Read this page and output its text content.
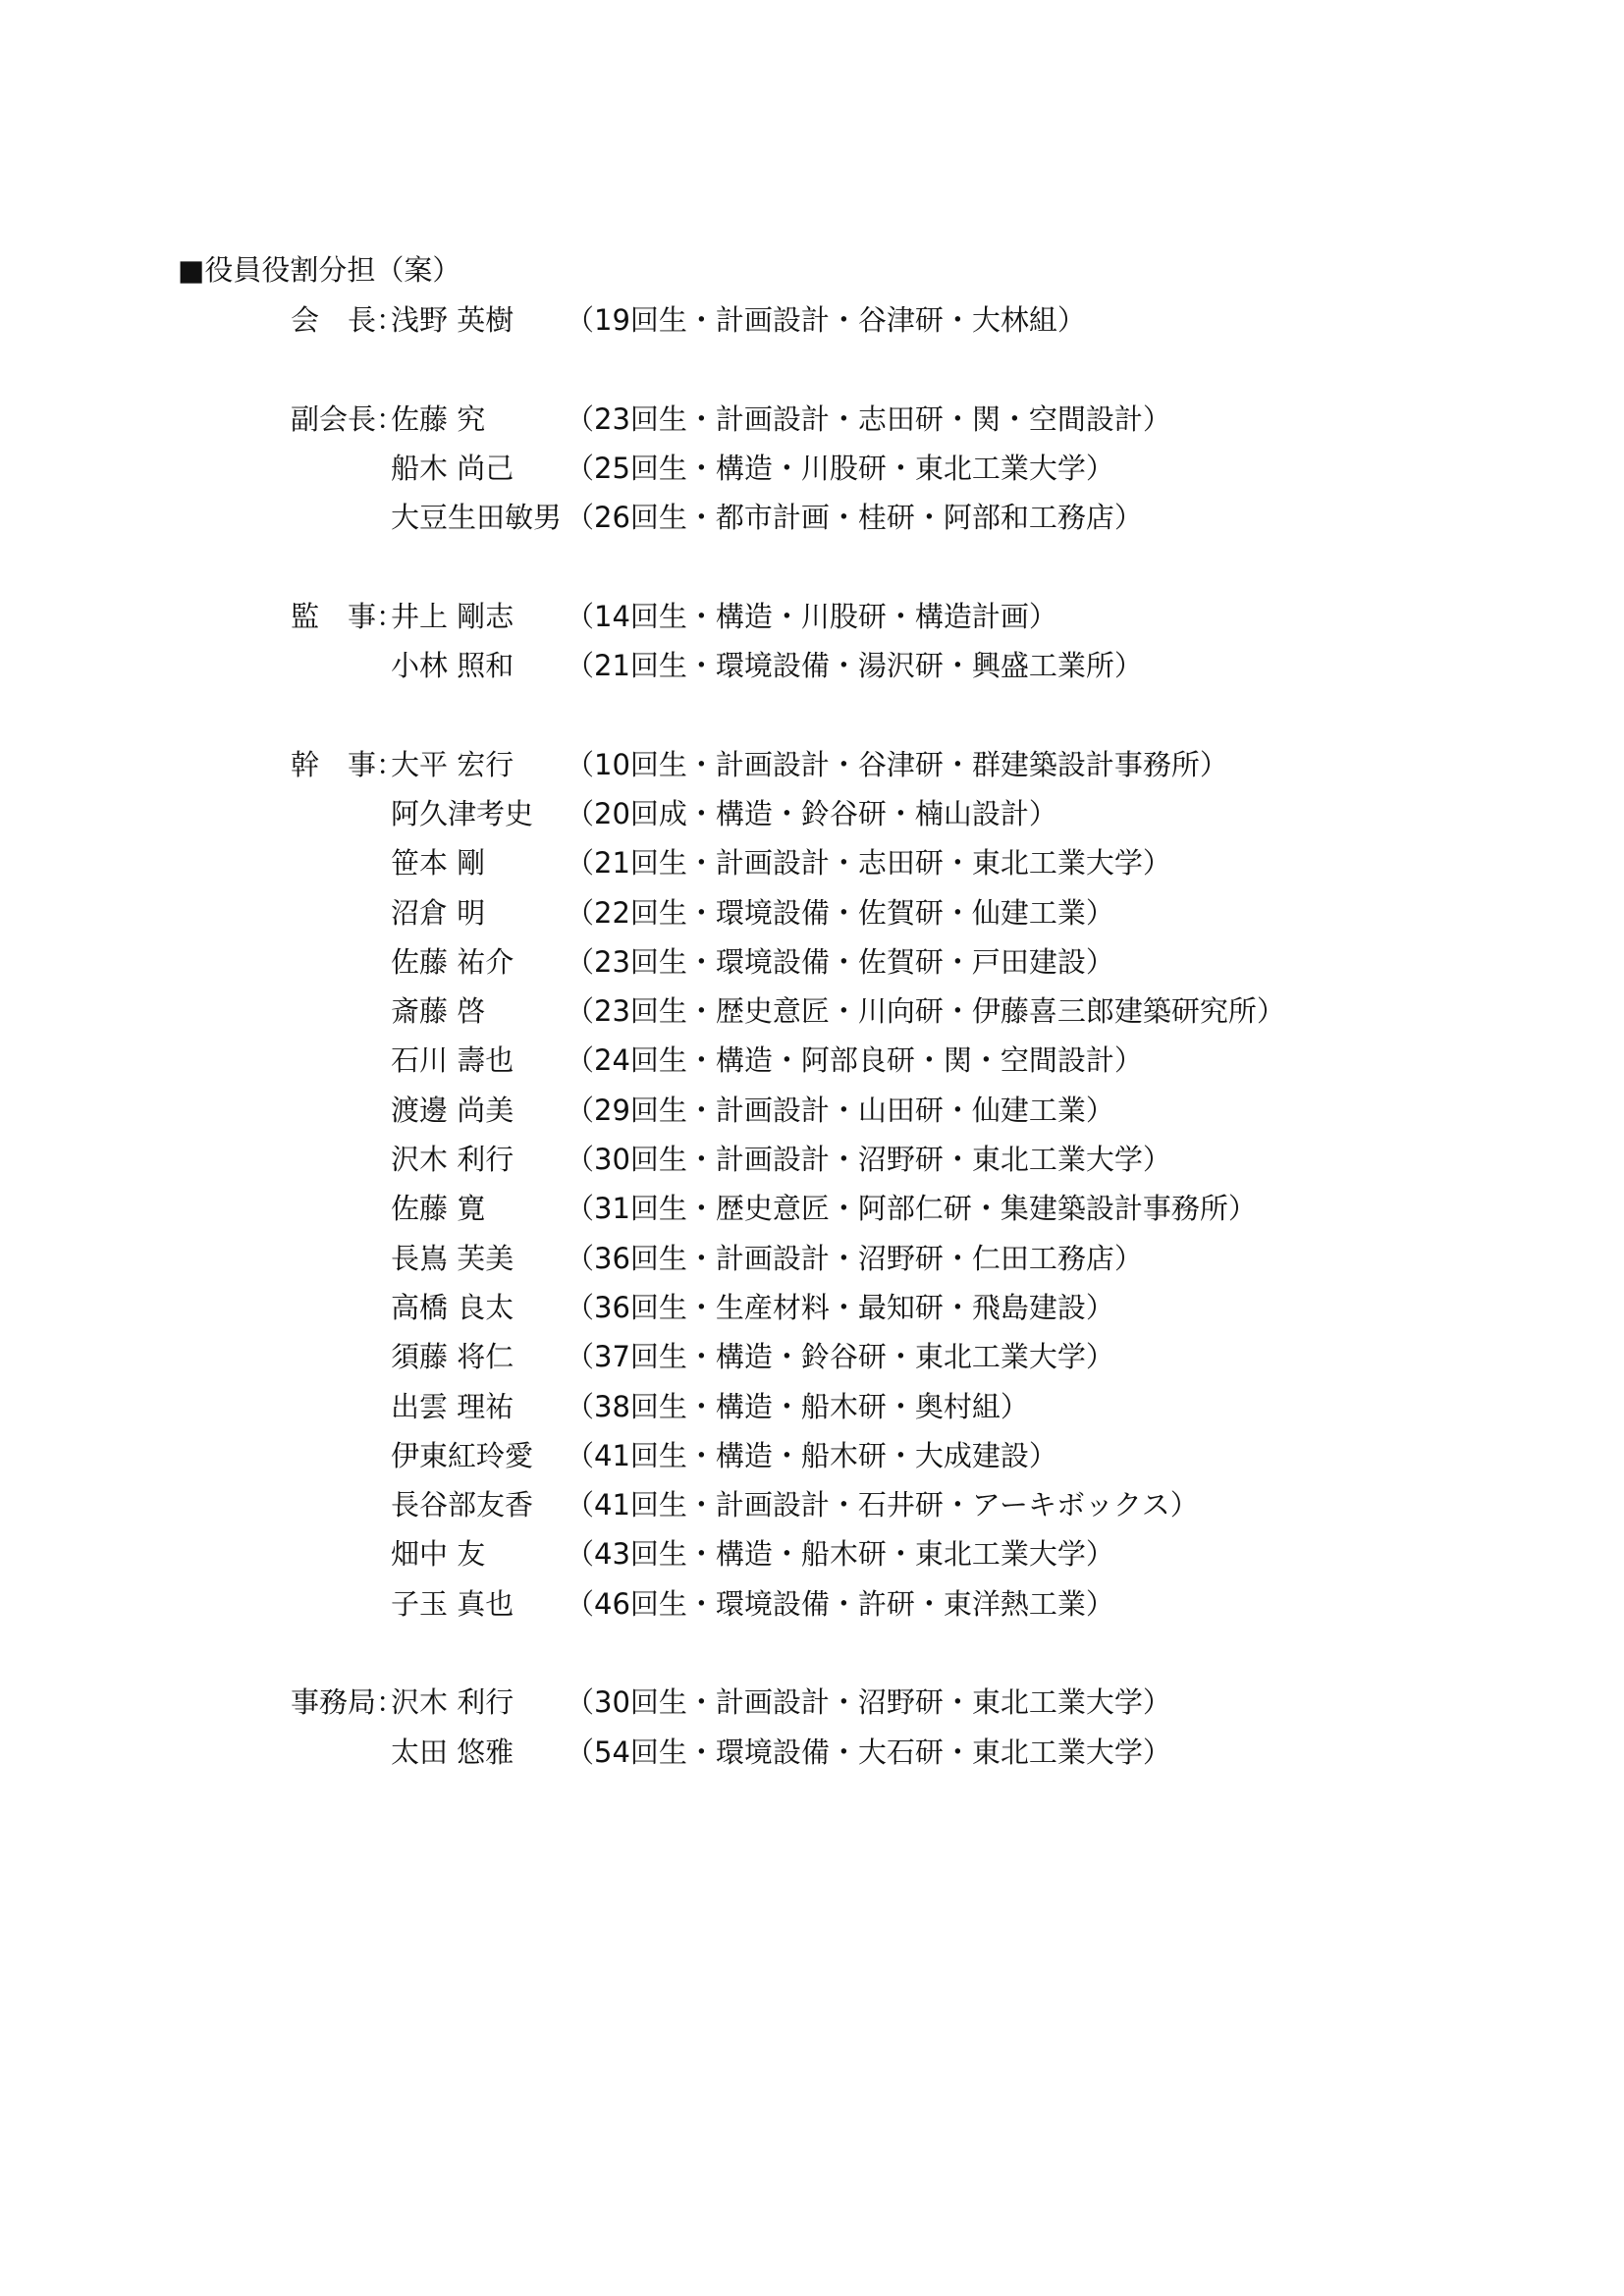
■役員役割分担（案）
会　長：
浅野 英樹	（19回生・計画設計・谷津研・大林組）
副会長：
佐藤 究	（23回生・計画設計・志田研・関・空間設計）
船木 尚己	（25回生・構造・川股研・東北工業大学）
大豆生田敏男 （26回生・都市計画・桂研・阿部和工務店）
監　事：
井上 剛志	（14回生・構造・川股研・構造計画）
小林 照和	（21回生・環境設備・湯沢研・興盛工業所）
幹　事：
大平 宏行	（10回生・計画設計・谷津研・群建築設計事務所）
阿久津考史	（20回成・構造・鈴谷研・楠山設計）
笹本 剛	（21回生・計画設計・志田研・東北工業大学）
沼倉 明	（22回生・環境設備・佐賀研・仙建工業）
佐藤 祐介	（23回生・環境設備・佐賀研・戸田建設）
斎藤 啓	（23回生・歴史意匠・川向研・伊藤喜三郎建築研究所）
石川 壽也	（24回生・構造・阿部良研・関・空間設計）
渡邊 尚美	（29回生・計画設計・山田研・仙建工業）
沢木 利行	（30回生・計画設計・沼野研・東北工業大学）
佐藤 寛	（31回生・歴史意匠・阿部仁研・集建築設計事務所）
長嶌 芙美	（36回生・計画設計・沼野研・仁田工務店）
高橋 良太	（36回生・生産材料・最知研・飛島建設）
須藤 将仁	（37回生・構造・鈴谷研・東北工業大学）
出雲 理祐	（38回生・構造・船木研・奥村組）
伊東紅玲愛	（41回生・構造・船木研・大成建設）
長谷部友香	（41回生・計画設計・石井研・アーキボックス）
畑中 友	（43回生・構造・船木研・東北工業大学）
子玉 真也	（46回生・環境設備・許研・東洋熱工業）
事務局：
沢木 利行	（30回生・計画設計・沼野研・東北工業大学）
太田 悠雅	（54回生・環境設備・大石研・東北工業大学）
